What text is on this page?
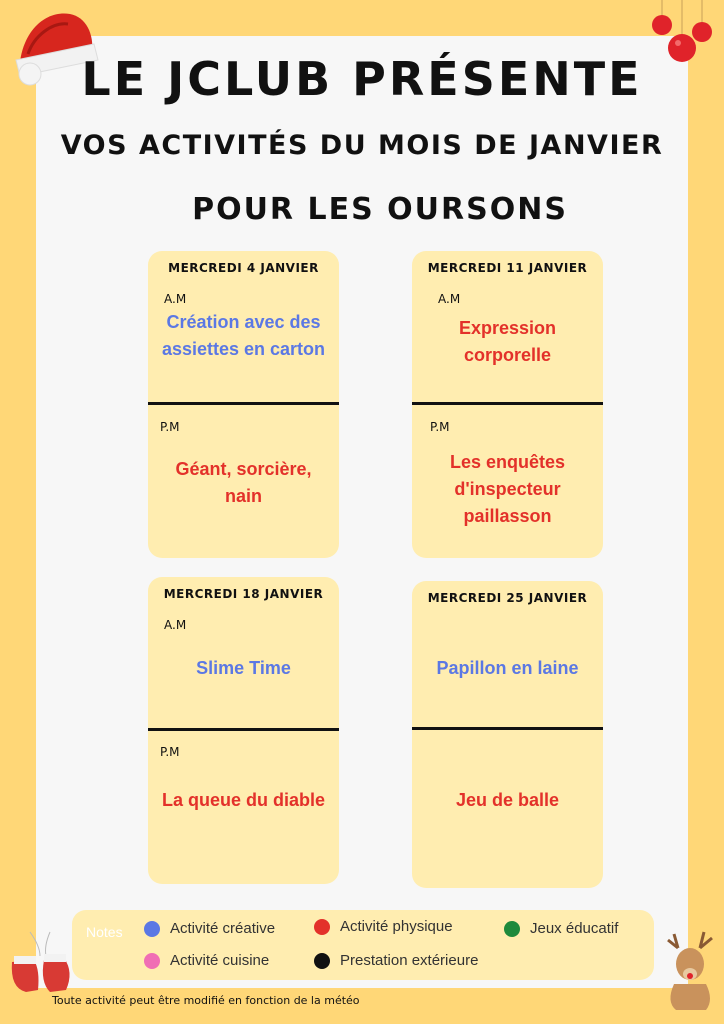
LE JCLUB PRÉSENTE
VOS ACTIVITÉS DU MOIS DE JANVIER
POUR LES OURSONS
MERCREDI 4 JANVIER
A.M
Création avec des assiettes en carton
P.M
Géant, sorcière, nain
MERCREDI 11 JANVIER
A.M
Expression corporelle
P.M
Les enquêtes d'inspecteur paillasson
MERCREDI 18 JANVIER
A.M
Slime Time
P.M
La queue du diable
MERCREDI 25 JANVIER
Papillon en laine
Jeu de balle
Notes	Activité créative	Activité physique	Jeux éducatif
Activité cuisine	Prestation extérieure
Toute activité peut être modifié en fonction de la météo
